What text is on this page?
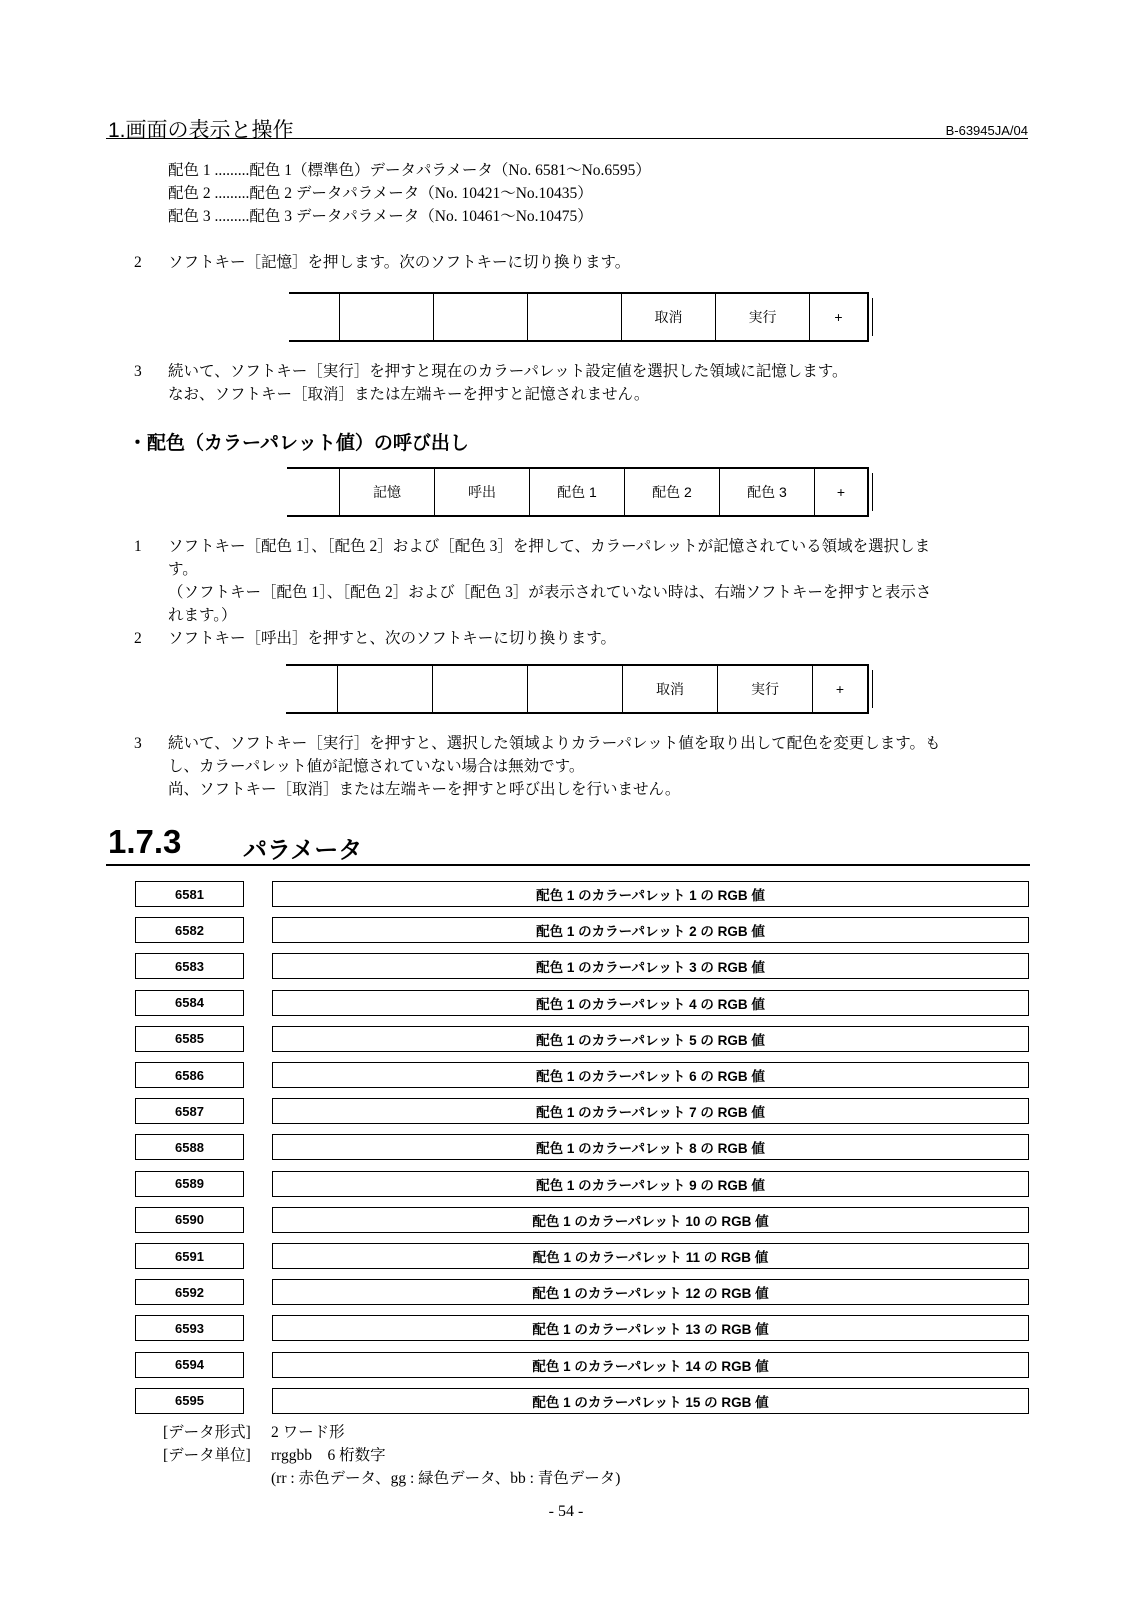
1.画面の表示と操作	B-63945JA/04
配色 1 .........配色 1（標準色）データパラメータ（No. 6581～No.6595）
配色 2 .........配色 2 データパラメータ（No. 10421～No.10435）
配色 3 .........配色 3 データパラメータ（No. 10461～No.10475）
2 ソフトキー［記憶］を押します。次のソフトキーに切り換ります。
取消	実行	+
3 続いて、ソフトキー［実行］を押すと現在のカラーパレット設定値を選択した領域に記憶します。
なお、ソフトキー［取消］または左端キーを押すと記憶されません。
・配色（カラーパレット値）の呼び出し
記憶	呼出	配色 1	配色 2	配色 3	+
1 ソフトキー［配色 1］、［配色 2］および［配色 3］を押して、カラーパレットが記憶されている領域を選択しま
す。
（ソフトキー［配色 1］、［配色 2］および［配色 3］が表示されていない時は、右端ソフトキーを押すと表示さ
れます。）
2 ソフトキー［呼出］を押すと、次のソフトキーに切り換ります。
取消	実行	+
3 続いて、ソフトキー［実行］を押すと、選択した領域よりカラーパレット値を取り出して配色を変更します。も
し、カラーパレット値が記憶されていない場合は無効です。
尚、ソフトキー［取消］または左端キーを押すと呼び出しを行いません。
1.7.3	パラメータ
6581	配色 1 のカラーパレット 1 の RGB 値
6582	配色 1 のカラーパレット 2 の RGB 値
6583	配色 1 のカラーパレット 3 の RGB 値
6584	配色 1 のカラーパレット 4 の RGB 値
6585	配色 1 のカラーパレット 5 の RGB 値
6586	配色 1 のカラーパレット 6 の RGB 値
6587	配色 1 のカラーパレット 7 の RGB 値
6588	配色 1 のカラーパレット 8 の RGB 値
6589	配色 1 のカラーパレット 9 の RGB 値
6590	配色 1 のカラーパレット 10 の RGB 値
6591	配色 1 のカラーパレット 11 の RGB 値
6592	配色 1 のカラーパレット 12 の RGB 値
6593	配色 1 のカラーパレット 13 の RGB 値
6594	配色 1 のカラーパレット 14 の RGB 値
6595	配色 1 のカラーパレット 15 の RGB 値
[データ形式] 2 ワード形
[データ単位] rrggbb　6 桁数字
(rr : 赤色データ、gg : 緑色データ、bb : 青色データ)
- 54 -
